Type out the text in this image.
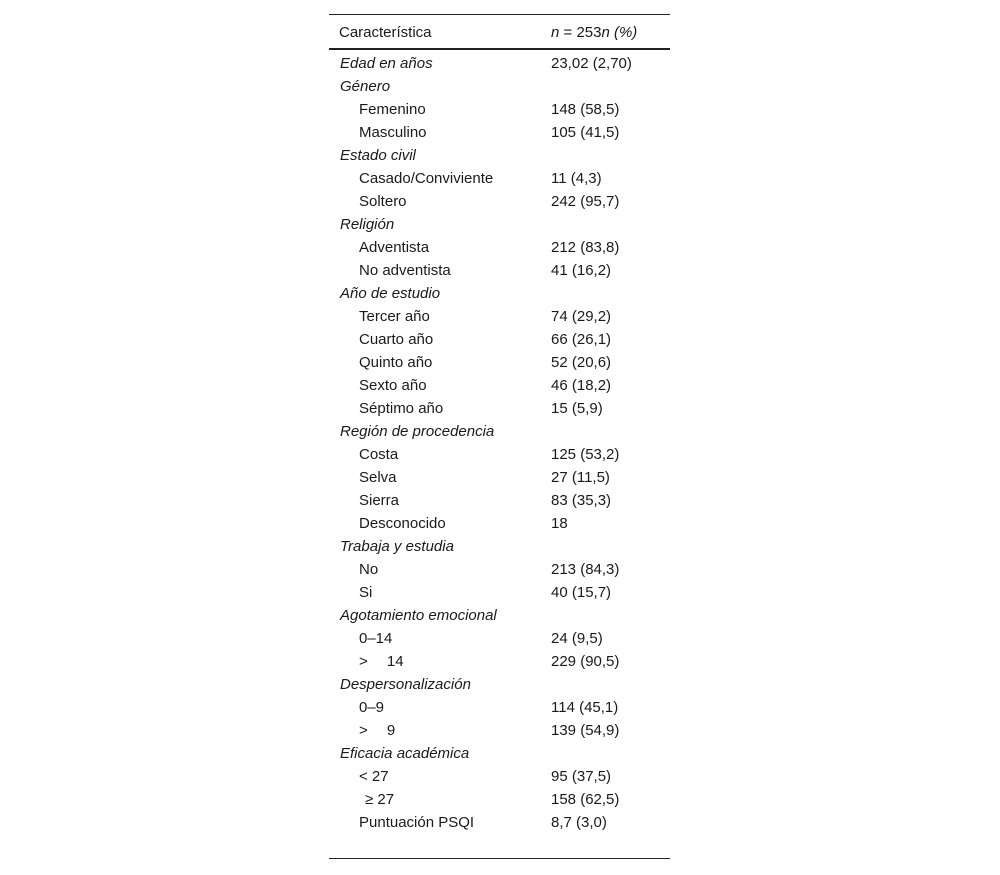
Característica	n = 253n (%)
Edad en años	23,02 (2,70)
Género
Femenino	148 (58,5)
Masculino	105 (41,5)
Estado civil
Casado/Conviviente	11 (4,3)
Soltero	242 (95,7)
Religión
Adventista	212 (83,8)
No adventista	41 (16,2)
Año de estudio
Tercer año	74 (29,2)
Cuarto año	66 (26,1)
Quinto año	52 (20,6)
Sexto año	46 (18,2)
Séptimo año	15 (5,9)
Región de procedencia
Costa	125 (53,2)
Selva	27 (11,5)
Sierra	83 (35,3)
Desconocido	18
Trabaja y estudia
No	213 (84,3)
Si	40 (15,7)
Agotamiento emocional
0–14	24 (9,5)
>  14	229 (90,5)
Despersonalización
0–9	114 (45,1)
>  9	139 (54,9)
Eficacia académica
< 27	95 (37,5)
≥ 27	158 (62,5)
Puntuación PSQI	8,7 (3,0)
